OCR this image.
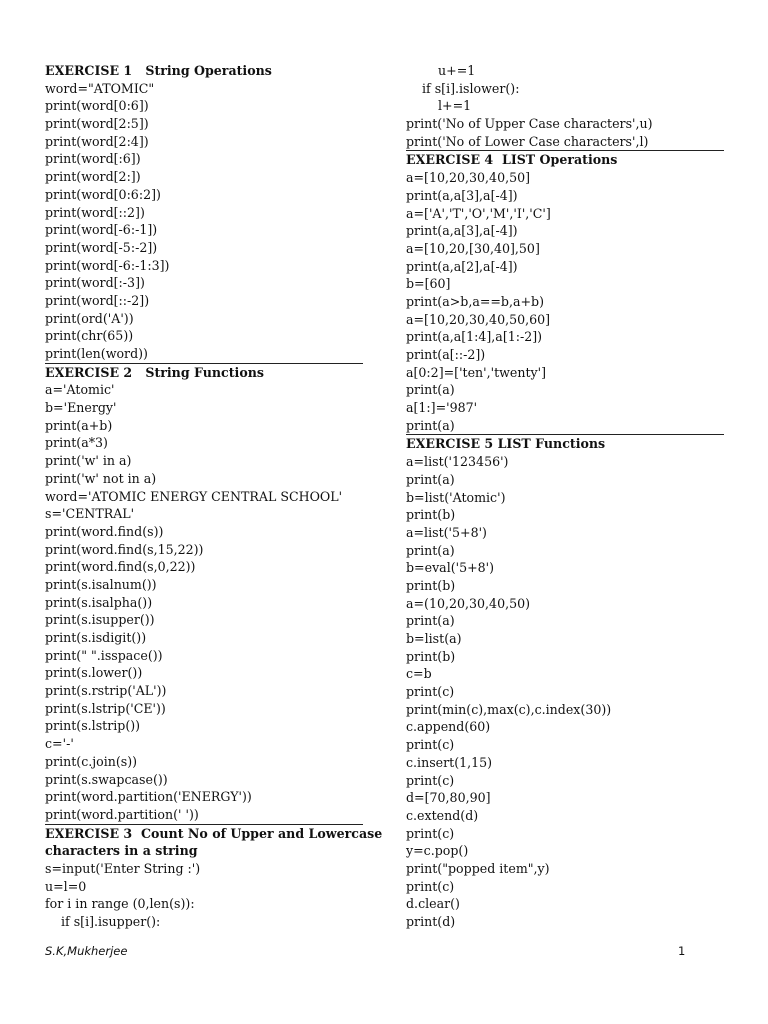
EXERCISE 1   String Operations
word="ATOMIC"
print(word[0:6])
print(word[2:5])
print(word[2:4])
print(word[:6])
print(word[2:])
print(word[0:6:2])
print(word[::2])
print(word[-6:-1])
print(word[-5:-2])
print(word[-6:-1:3])
print(word[:-3])
print(word[::-2])
print(ord('A'))
print(chr(65))
print(len(word))
EXERCISE 2   String Functions
a='Atomic'
b='Energy'
print(a+b)
print(a*3)
print('w' in a)
print('w' not in a)
word='ATOMIC ENERGY CENTRAL SCHOOL'
s='CENTRAL'
print(word.find(s))
print(word.find(s,15,22))
print(word.find(s,0,22))
print(s.isalnum())
print(s.isalpha())
print(s.isupper())
print(s.isdigit())
print(" ".isspace())
print(s.lower())
print(s.rstrip('AL'))
print(s.lstrip('CE'))
print(s.lstrip())
c='-'
print(c.join(s))
print(s.swapcase())
print(word.partition('ENERGY'))
print(word.partition(' '))
EXERCISE 3  Count No of Upper and Lowercase
characters in a string
s=input('Enter String :')
u=l=0
for i in range (0,len(s)):
if s[i].isupper():
u+=1
if s[i].islower():
l+=1
print('No of Upper Case characters',u)
print('No of Lower Case characters',l)
EXERCISE 4  LIST Operations
a=[10,20,30,40,50]
print(a,a[3],a[-4])
a=['A','T','O','M','I','C']
print(a,a[3],a[-4])
a=[10,20,[30,40],50]
print(a,a[2],a[-4])
b=[60]
print(a>b,a==b,a+b)
a=[10,20,30,40,50,60]
print(a,a[1:4],a[1:-2])
print(a[::-2])
a[0:2]=['ten','twenty']
print(a)
a[1:]='987'
print(a)
EXERCISE 5 LIST Functions
a=list('123456')
print(a)
b=list('Atomic')
print(b)
a=list('5+8')
print(a)
b=eval('5+8')
print(b)
a=(10,20,30,40,50)
print(a)
b=list(a)
print(b)
c=b
print(c)
print(min(c),max(c),c.index(30))
c.append(60)
print(c)
c.insert(1,15)
print(c)
d=[70,80,90]
c.extend(d)
print(c)
y=c.pop()
print("popped item",y)
print(c)
d.clear()
print(d)
S.K,Mukherjee	1
